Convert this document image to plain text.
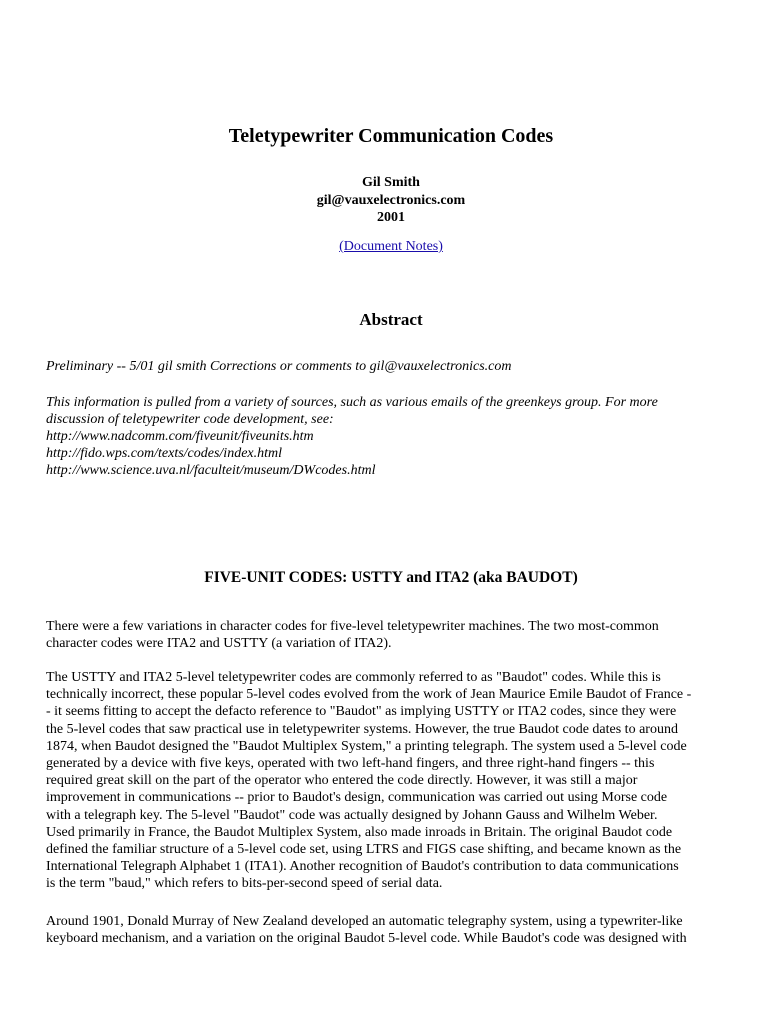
Teletypewriter Communication Codes
Gil Smith
gil@vauxelectronics.com
2001
(Document Notes)
Abstract

Preliminary -- 5/01 gil smith Corrections or comments to gil@vauxelectronics.com

This information is pulled from a variety of sources, such as various emails of the greenkeys group. For more
discussion of teletypewriter code development, see:
http://www.nadcomm.com/fiveunit/fiveunits.htm
http://fido.wps.com/texts/codes/index.html
http://www.science.uva.nl/faculteit/museum/DWcodes.html
FIVE-UNIT CODES: USTTY and ITA2 (aka BAUDOT)

There were a few variations in character codes for five-level teletypewriter machines. The two most-common
character codes were ITA2 and USTTY (a variation of ITA2).

The USTTY and ITA2 5-level teletypewriter codes are commonly referred to as "Baudot" codes. While this is
technically incorrect, these popular 5-level codes evolved from the work of Jean Maurice Emile Baudot of France -
- it seems fitting to accept the defacto reference to "Baudot" as implying USTTY or ITA2 codes, since they were
the 5-level codes that saw practical use in teletypewriter systems. However, the true Baudot code dates to around
1874, when Baudot designed the "Baudot Multiplex System," a printing telegraph. The system used a 5-level code
generated by a device with five keys, operated with two left-hand fingers, and three right-hand fingers -- this
required great skill on the part of the operator who entered the code directly. However, it was still a major
improvement in communications -- prior to Baudot's design, communication was carried out using Morse code
with a telegraph key. The 5-level "Baudot" code was actually designed by Johann Gauss and Wilhelm Weber.
Used primarily in France, the Baudot Multiplex System, also made inroads in Britain. The original Baudot code
defined the familiar structure of a 5-level code set, using LTRS and FIGS case shifting, and became known as the
International Telegraph Alphabet 1 (ITA1). Another recognition of Baudot's contribution to data communications
is the term "baud," which refers to bits-per-second speed of serial data.

Around 1901, Donald Murray of New Zealand developed an automatic telegraphy system, using a typewriter-like
keyboard mechanism, and a variation on the original Baudot 5-level code. While Baudot's code was designed with
